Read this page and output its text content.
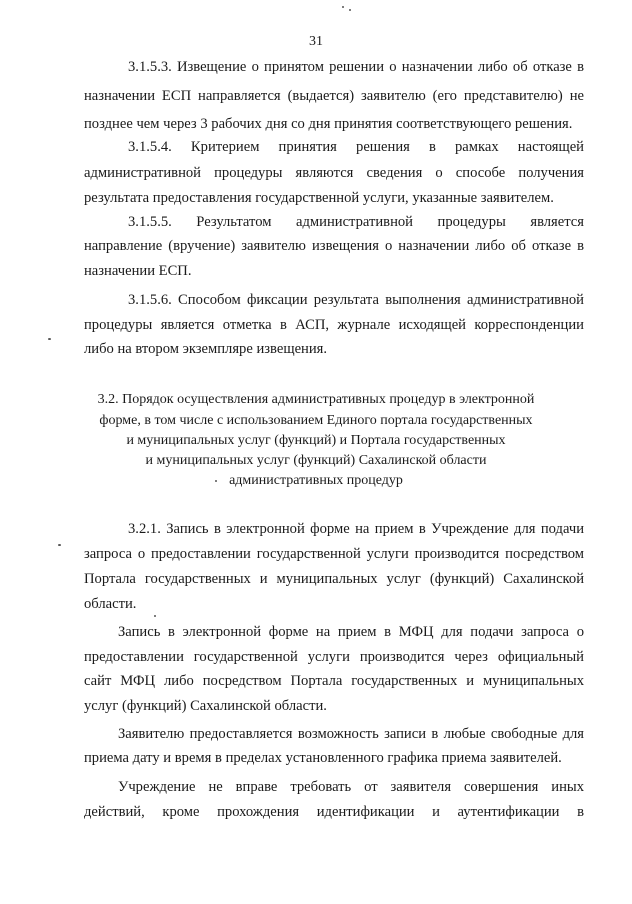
31
3.1.5.3. Извещение о принятом решении о назначении либо об отказе в
назначении ЕСП направляется (выдается) заявителю (его представителю) не
позднее чем через 3 рабочих дня со дня принятия соответствующего решения.
3.1.5.4. Критерием принятия решения в рамках настоящей
административной процедуры являются сведения о способе получения
результата предоставления государственной услуги, указанные заявителем.
3.1.5.5. Результатом административной процедуры является
направление (вручение) заявителю извещения о назначении либо об отказе в
назначении ЕСП.
3.1.5.6. Способом фиксации результата выполнения административной
процедуры является отметка в АСП, журнале исходящей корреспонденции
либо на втором экземпляре извещения.
3.2. Порядок осуществления административных процедур в электронной
форме, в том числе с использованием Единого портала государственных
и муниципальных услуг (функций) и Портала государственных
и муниципальных услуг (функций) Сахалинской области
административных процедур
3.2.1. Запись в электронной форме на прием в Учреждение для подачи
запроса о предоставлении государственной услуги производится посредством
Портала государственных и муниципальных услуг (функций) Сахалинской
области.
Запись в электронной форме на прием в МФЦ для подачи запроса о
предоставлении государственной услуги производится через официальный
сайт МФЦ либо посредством Портала государственных и муниципальных
услуг (функций) Сахалинской области.
Заявителю предоставляется возможность записи в любые свободные для
приема дату и время в пределах установленного графика приема заявителей.
Учреждение не вправе требовать от заявителя совершения иных
действий, кроме прохождения идентификации и аутентификации в
